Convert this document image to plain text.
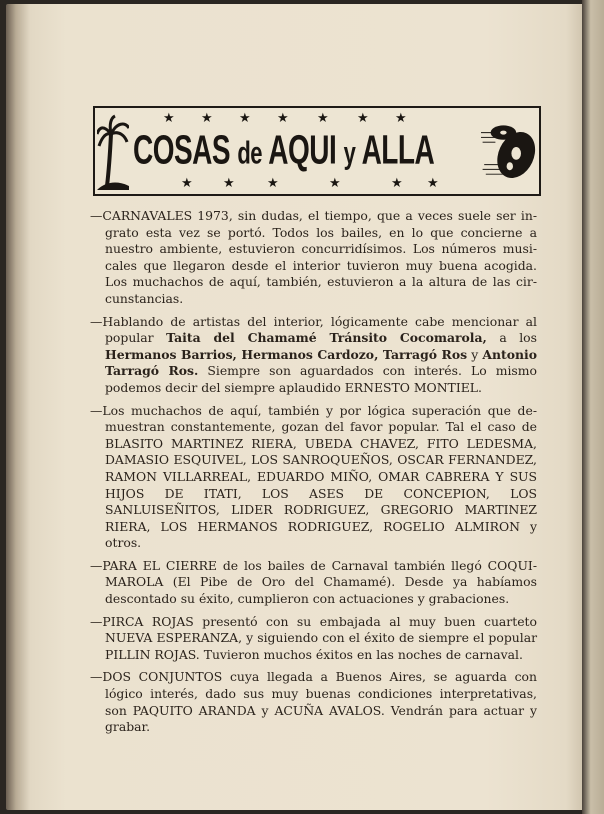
★ ★ ★ ★ ★ ★ ★
COSAS de AQUI y ALLA
★ ★ ★	★	★ ★

—CARNAVALES 1973, sin dudas, el tiempo, que a veces suele ser ingrato esta vez se portó. Todos los bailes, en lo que concierne a nuestro ambiente, estuvieron concurridísimos. Los números musicales que llegaron desde el interior tuvieron muy buena acogida. Los muchachos de aquí, también, estuvieron a la altura de las circunstancias.

—Hablando de artistas del interior, lógicamente cabe mencionar al popular Taita del Chamamé Tránsito Cocomarola, a los Hermanos Barrios, Hermanos Cardozo, Tarragó Ros y Antonio Tarragó Ros. Siempre son aguardados con interés. Lo mismo podemos decir del siempre aplaudido ERNESTO MONTIEL.

—Los muchachos de aquí, también y por lógica superación que demuestran constantemente, gozan del favor popular. Tal el caso de BLASITO MARTINEZ RIERA, UBEDA CHAVEZ, FITO LEDESMA, DAMASIO ESQUIVEL, LOS SANROQUEÑOS, OSCAR FERNANDEZ, RAMON VILLARREAL, EDUARDO MIÑO, OMAR CABRERA Y SUS HIJOS DE ITATI, LOS ASES DE CONCEPION, LOS SANLUISEÑITOS, LIDER RODRIGUEZ, GREGORIO MARTINEZ RIERA, LOS HERMANOS RODRIGUEZ, ROGELIO ALMIRON y otros.

—PARA EL CIERRE de los bailes de Carnaval también llegó COQUIMAROLA (El Pibe de Oro del Chamamé). Desde ya habíamos descontado su éxito, cumplieron con actuaciones y grabaciones.

—PIRCA ROJAS presentó con su embajada al muy buen cuarteto NUEVA ESPERANZA, y siguiendo con el éxito de siempre el popular PILLIN ROJAS. Tuvieron muchos éxitos en las noches de carnaval.

—DOS CONJUNTOS cuya llegada a Buenos Aires, se aguarda con lógico interés, dado sus muy buenas condiciones interpretativas, son PAQUITO ARANDA y ACUÑA AVALOS. Vendrán para actuar y grabar.
